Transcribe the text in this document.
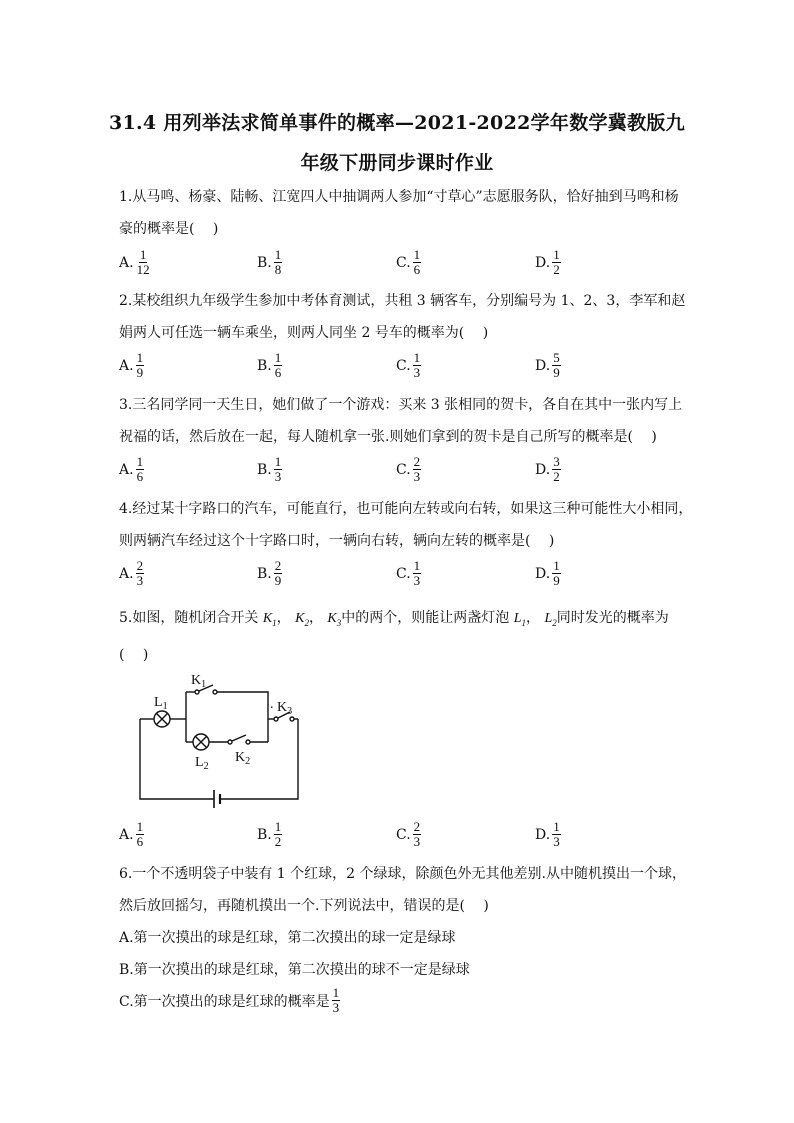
31.4 用列举法求简单事件的概率—2021-2022学年数学冀教版九
年级下册同步课时作业
1.从马鸣、杨豪、陆畅、江宽四人中抽调两人参加“寸草心”志愿服务队，恰好抽到马鸣和杨
豪的概率是(　 )
A. $\frac{1}{12}$	B. $\frac{1}{8}$	C. $\frac{1}{6}$	D. $\frac{1}{2}$
2.某校组织九年级学生参加中考体育测试，共租 3 辆客车，分别编号为 1、2、3，李军和赵
娟两人可任选一辆车乘坐，则两人同坐 2 号车的概率为(　 )
A. $\frac{1}{9}$	B. $\frac{1}{6}$	C. $\frac{1}{3}$	D. $\frac{5}{9}$
3.三名同学同一天生日，她们做了一个游戏：买来 3 张相同的贺卡，各自在其中一张内写上
祝福的话，然后放在一起，每人随机拿一张.则她们拿到的贺卡是自己所写的概率是(　 )
A. $\frac{1}{6}$	B. $\frac{1}{3}$	C. $\frac{2}{3}$	D. $\frac{3}{2}$
4.经过某十字路口的汽车，可能直行，也可能向左转或向右转，如果这三种可能性大小相同，
则两辆汽车经过这个十字路口时，一辆向右转，辆向左转的概率是(　 )
A. $\frac{2}{3}$	B. $\frac{2}{9}$	C. $\frac{1}{3}$	D. $\frac{1}{9}$
5.如图，随机闭合开关 $K_1$， $K_2$， $K_3$中的两个，则能让两盏灯泡 $L_1$， $L_2$同时发光的概率为
(　 )
$K_1$
$L_1$	. $K_3$
$L_2$
$K_2$
A. $\frac{1}{6}$	B. $\frac{1}{2}$	C. $\frac{2}{3}$	D. $\frac{1}{3}$
6.一个不透明袋子中装有 1 个红球，2 个绿球，除颜色外无其他差别.从中随机摸出一个球，
然后放回摇匀，再随机摸出一个.下列说法中，错误的是(　 )
A.第一次摸出的球是红球，第二次摸出的球一定是绿球
B.第一次摸出的球是红球，第二次摸出的球不一定是绿球
C.第一次摸出的球是红球的概率是 $\frac{1}{3}$
